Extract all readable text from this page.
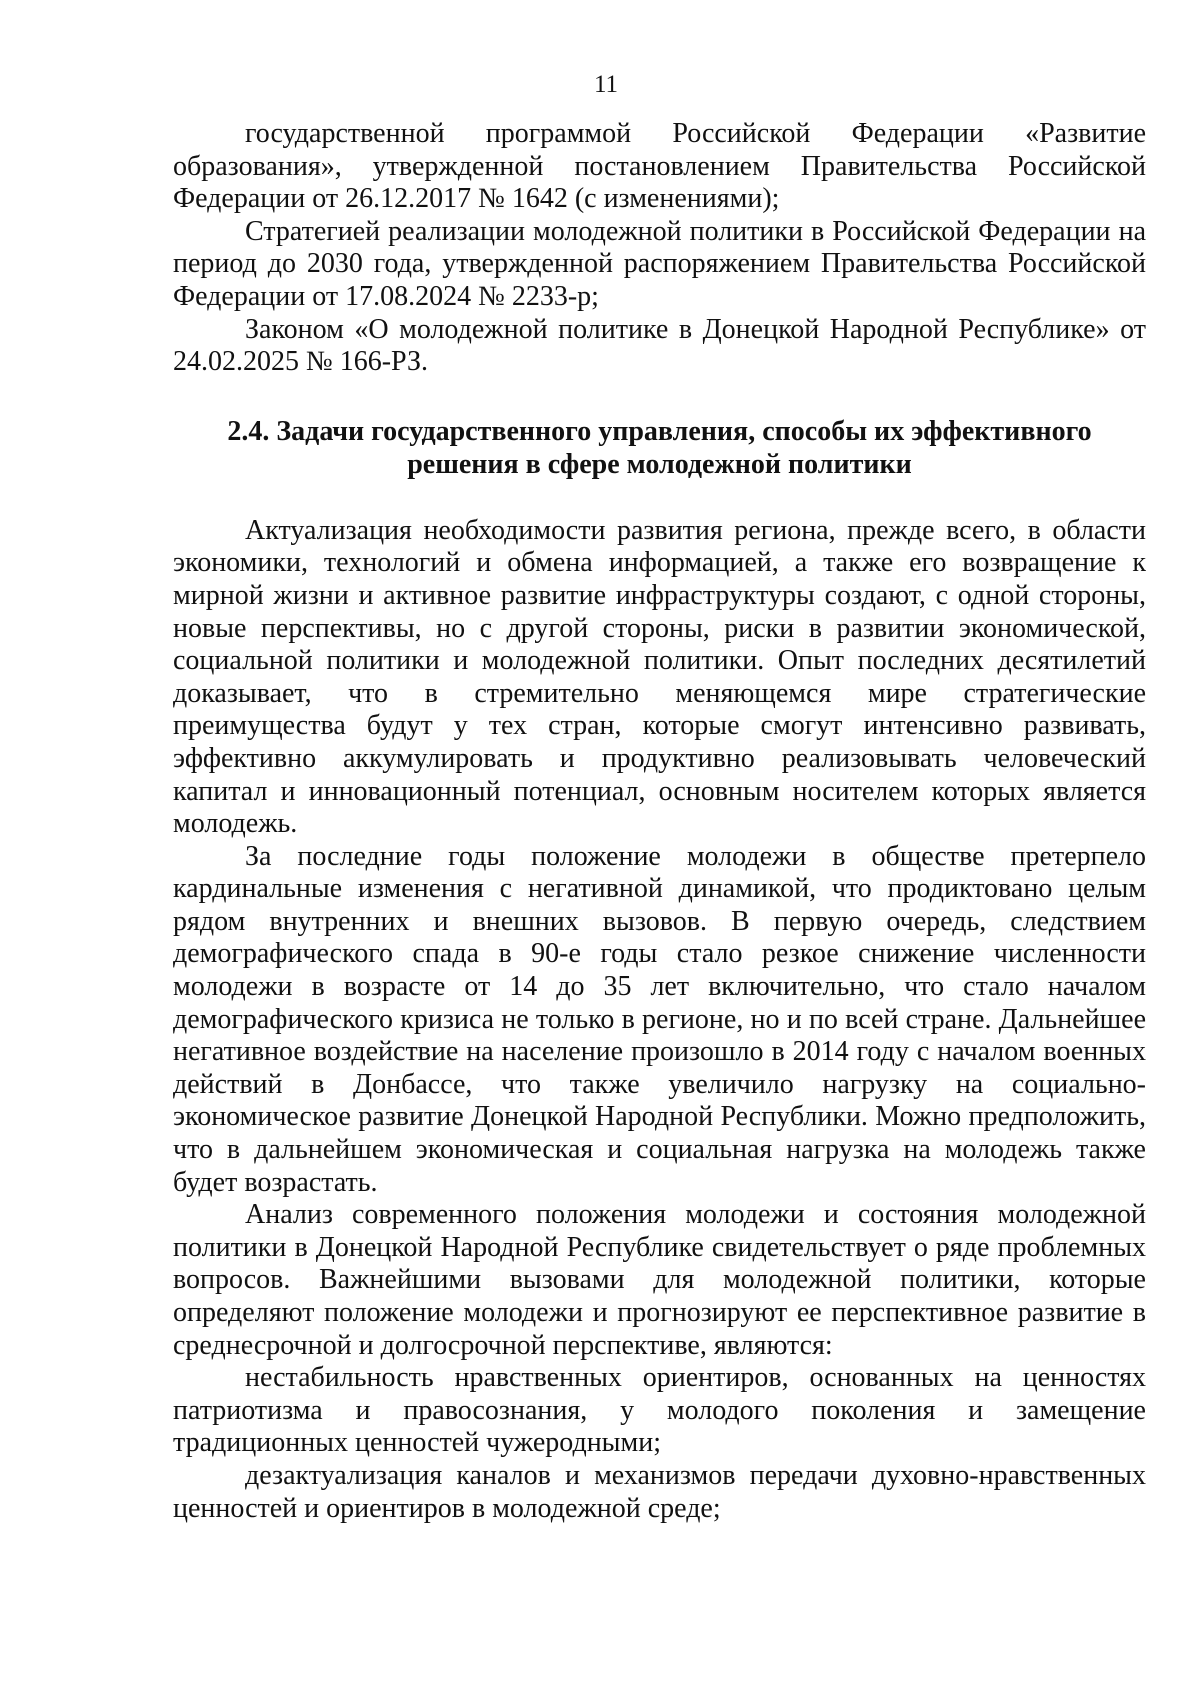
11

государственной программой Российской Федерации «Развитие образования», утвержденной постановлением Правительства Российской Федерации от 26.12.2017 № 1642 (с изменениями);

Стратегией реализации молодежной политики в Российской Федерации на период до 2030 года, утвержденной распоряжением Правительства Российской Федерации от 17.08.2024 № 2233-р;

Законом «О молодежной политике в Донецкой Народной Республике» от 24.02.2025 № 166-РЗ.

2.4. Задачи государственного управления, способы их эффективного
решения в сфере молодежной политики

Актуализация необходимости развития региона, прежде всего, в области экономики, технологий и обмена информацией, а также его возвращение к мирной жизни и активное развитие инфраструктуры создают, с одной стороны, новые перспективы, но с другой стороны, риски в развитии экономической, социальной политики и молодежной политики. Опыт последних десятилетий доказывает, что в стремительно меняющемся мире стратегические преимущества будут у тех стран, которые смогут интенсивно развивать, эффективно аккумулировать и продуктивно реализовывать человеческий капитал и инновационный потенциал, основным носителем которых является молодежь.

За последние годы положение молодежи в обществе претерпело кардинальные изменения с негативной динамикой, что продиктовано целым рядом внутренних и внешних вызовов. В первую очередь, следствием демографического спада в 90-е годы стало резкое снижение численности молодежи в возрасте от 14 до 35 лет включительно, что стало началом демографического кризиса не только в регионе, но и по всей стране. Дальнейшее негативное воздействие на население произошло в 2014 году с началом военных действий в Донбассе, что также увеличило нагрузку на социально-экономическое развитие Донецкой Народной Республики. Можно предположить, что в дальнейшем экономическая и социальная нагрузка на молодежь также будет возрастать.

Анализ современного положения молодежи и состояния молодежной политики в Донецкой Народной Республике свидетельствует о ряде проблемных вопросов. Важнейшими вызовами для молодежной политики, которые определяют положение молодежи и прогнозируют ее перспективное развитие в среднесрочной и долгосрочной перспективе, являются:

нестабильность нравственных ориентиров, основанных на ценностях патриотизма и правосознания, у молодого поколения и замещение традиционных ценностей чужеродными;

дезактуализация каналов и механизмов передачи духовно-нравственных ценностей и ориентиров в молодежной среде;
